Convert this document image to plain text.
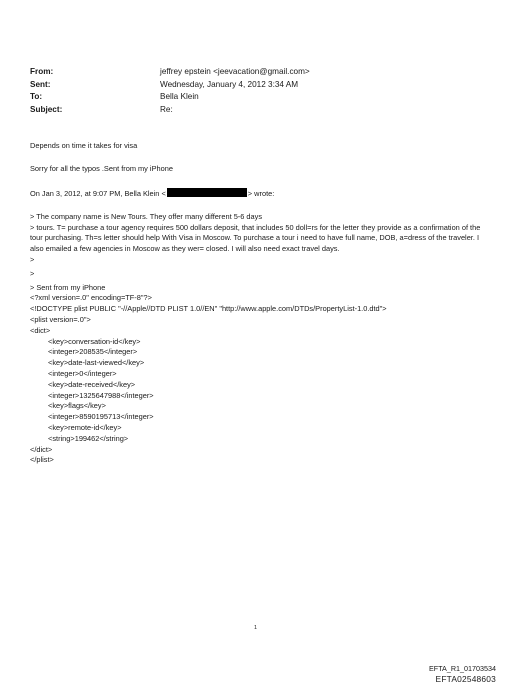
From:	jeffrey epstein <jeevacation@gmail.com>
Sent:	Wednesday, January 4, 2012 3:34 AM
To:	Bella Klein
Subject:	Re:

Depends on time it takes for visa

Sorry for all the typos .Sent from my iPhone

On Jan 3, 2012, at 9:07 PM, Bella Klein <	> wrote:

> The company name is New Tours. They offer many different 5-6 days

> tours. T= purchase a tour agency requires 500 dollars deposit, that includes 50 doll=rs for the letter they provide as a confirmation of the tour purchasing. Th=s letter should help With Visa in Moscow. To purchase a tour i need to have full name, DOB, a=dress of the traveler. I also emailed a few agencies in Moscow as they wer= closed. I will also need exact travel days.

>

>

> Sent from my iPhone

<?xml version=.0" encoding=TF-8"?>

<!DOCTYPE plist PUBLIC "-//Apple//DTD PLIST 1.0//EN" "http://www.apple.com/DTDs/PropertyList-1.0.dtd">

<plist version=.0">

<dict>

<key>conversation-id</key>

<integer>208535</integer>

<key>date-last-viewed</key>

<integer>0</integer>

<key>date-received</key>

<integer>1325647988</integer>

<key>flags</key>

<integer>8590195713</integer>

<key>remote-id</key>

<string>199462</string>

</dict>

</plist>

1
EFTA_R1_01703534
EFTA02548603
